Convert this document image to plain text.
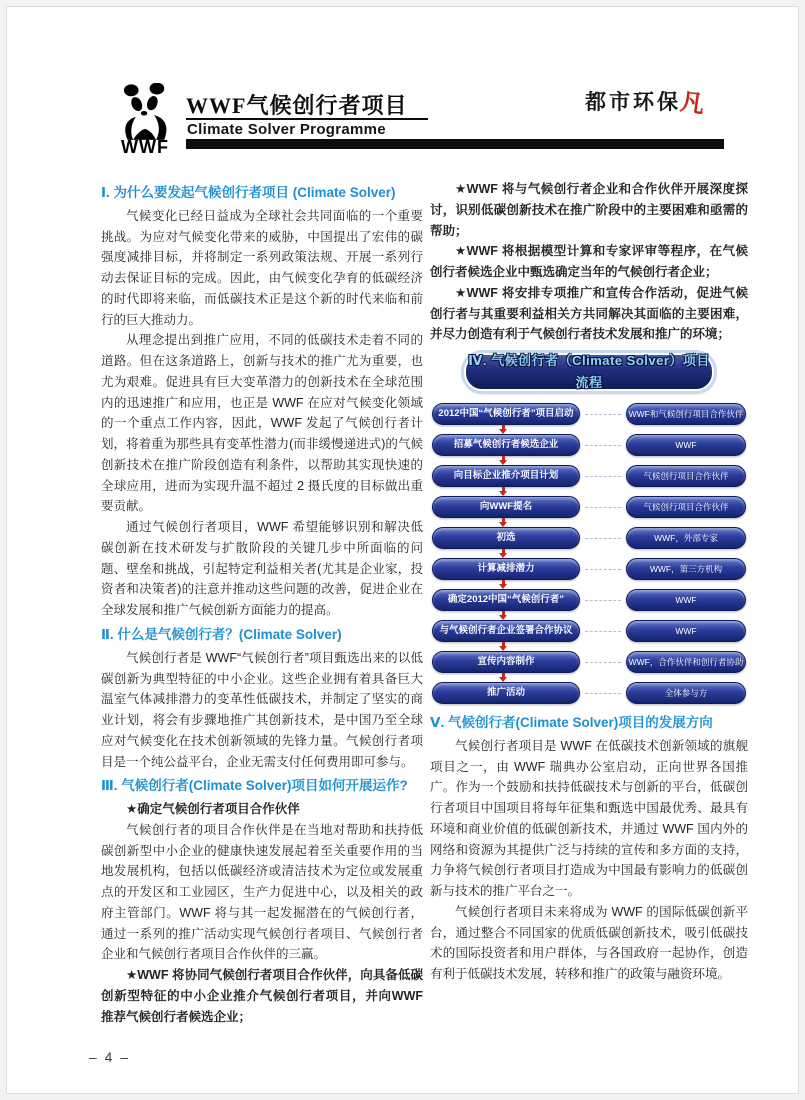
WWF
WWF气候创行者项目
Climate Solver Programme
都市环保凡
Ⅰ. 为什么要发起气候创行者项目 (Climate Solver)

气候变化已经日益成为全球社会共同面临的一个重要挑战。为应对气候变化带来的威胁，中国提出了宏伟的碳强度减排目标，并将制定一系列政策法规、开展一系列行动去保证目标的完成。因此，由气候变化孕育的低碳经济的时代即将来临，而低碳技术正是这个新的时代来临和前行的巨大推动力。

从理念提出到推广应用，不同的低碳技术走着不同的道路。但在这条道路上，创新与技术的推广尤为重要，也尤为艰难。促进具有巨大变革潜力的创新技术在全球范围内的迅速推广和应用，也正是 WWF 在应对气候变化领域的一个重点工作内容，因此，WWF 发起了气候创行者计划，将着重为那些具有变革性潜力(而非缓慢递进式)的气候创新技术在推广阶段创造有利条件，以帮助其实现快速的全球应用，进而为实现升温不超过 2 摄氏度的目标做出重要贡献。

通过气候创行者项目，WWF 希望能够识别和解决低碳创新在技术研发与扩散阶段的关键几步中所面临的问题、壁垒和挑战，引起特定利益相关者(尤其是企业家，投资者和决策者)的注意并推动这些问题的改善，促进企业在全球发展和推广气候创新方面能力的提高。

Ⅱ. 什么是气候创行者？(Climate Solver)

气候创行者是 WWF“气候创行者”项目甄选出来的以低碳创新为典型特征的中小企业。这些企业拥有着具备巨大温室气体减排潜力的变革性低碳技术，并制定了坚实的商业计划，将会有步骤地推广其创新技术，是中国乃至全球应对气候变化在技术创新领域的先锋力量。气候创行者项目是一个纯公益平台，企业无需支付任何费用即可参与。

Ⅲ. 气候创行者(Climate Solver)项目如何开展运作?

★确定气候创行者项目合作伙伴

气候创行者的项目合作伙伴是在当地对帮助和扶持低碳创新型中小企业的健康快速发展起着至关重要作用的当地发展机构，包括以低碳经济或清洁技术为定位或发展重点的开发区和工业园区，生产力促进中心，以及相关的政府主管部门。WWF 将与其一起发掘潜在的气候创行者，通过一系列的推广活动实现气候创行者项目、气候创行者企业和气候创行者项目合作伙伴的三赢。

★WWF 将协同气候创行者项目合作伙伴，向具备低碳创新型特征的中小企业推介气候创行者项目，并向WWF 推荐气候创行者候选企业；

★WWF 将与气候创行者企业和合作伙伴开展深度探讨，识别低碳创新技术在推广阶段中的主要困难和亟需的帮助；

★WWF 将根据模型计算和专家评审等程序，在气候创行者候选企业中甄选确定当年的气候创行者企业；

★WWF 将安排专项推广和宣传合作活动，促进气候创行者与其重要利益相关方共同解决其面临的主要困难，并尽力创造有利于气候创行者技术发展和推广的环境；

Ⅳ. 气候创行者（Climate Solver）项目流程
2012中国“气候创行者”项目启动	WWF和气候创行项目合作伙伴
招募气候创行者候选企业	WWF
向目标企业推介项目计划	气候创行项目合作伙伴
向WWF提名	气候创行项目合作伙伴
初选	WWF，外部专家
计算减排潜力	WWF，第三方机构
确定2012中国“气候创行者”	WWF
与气候创行者企业签署合作协议	WWF
宣传内容制作	WWF，合作伙伴和创行者协助
推广活动	全体参与方
Ⅴ. 气候创行者(Climate Solver)项目的发展方向

气候创行者项目是 WWF 在低碳技术创新领域的旗舰项目之一，由 WWF 瑞典办公室启动，正向世界各国推广。作为一个鼓励和扶持低碳技术与创新的平台，低碳创行者项目中国项目将每年征集和甄选中国最优秀、最具有环境和商业价值的低碳创新技术，并通过 WWF 国内外的网络和资源为其提供广泛与持续的宣传和多方面的支持，力争将气候创行者项目打造成为中国最有影响力的低碳创新与技术的推广平台之一。

气候创行者项目未来将成为 WWF 的国际低碳创新平台，通过整合不同国家的优质低碳创新技术，吸引低碳技术的国际投资者和用户群体，与各国政府一起协作，创造有利于低碳技术发展，转移和推广的政策与融资环境。

– 4 –
